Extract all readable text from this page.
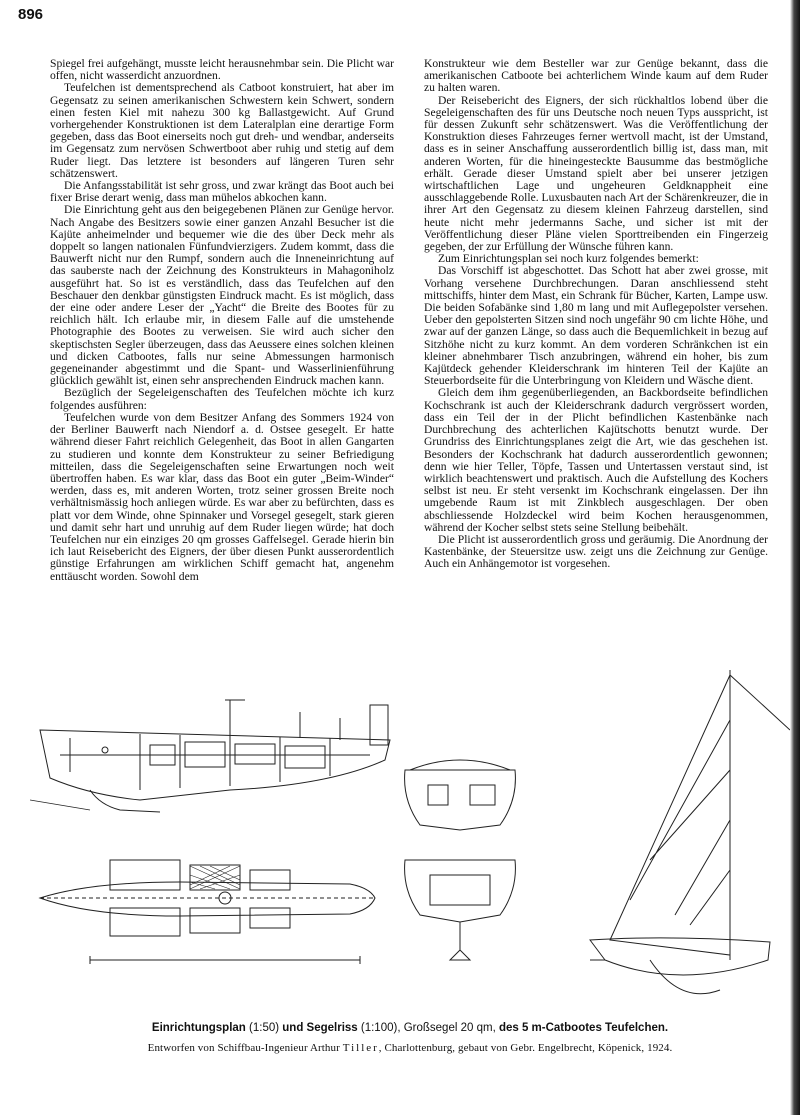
896

Spiegel frei aufgehängt, musste leicht herausnehmbar sein. Die Plicht war offen, nicht wasserdicht anzuordnen.

Teufelchen ist dementsprechend als Catboot konstruiert, hat aber im Gegensatz zu seinen amerikanischen Schwestern kein Schwert, sondern einen festen Kiel mit nahezu 300 kg Ballastgewicht. Auf Grund vorhergehender Konstruktionen ist dem Lateralplan eine derartige Form gegeben, dass das Boot einerseits noch gut dreh- und wendbar, anderseits im Gegensatz zum nervösen Schwertboot aber ruhig und stetig auf dem Ruder liegt. Das letztere ist besonders auf längeren Turen sehr schätzenswert.

Die Anfangsstabilität ist sehr gross, und zwar krängt das Boot auch bei fixer Brise derart wenig, dass man mühelos abkochen kann.

Die Einrichtung geht aus den beigegebenen Plänen zur Genüge hervor. Nach Angabe des Besitzers sowie einer ganzen Anzahl Besucher ist die Kajüte anheimelnder und bequemer wie die des über Deck mehr als doppelt so langen nationalen Fünfundvierzigers. Zudem kommt, dass die Bauwerft nicht nur den Rumpf, sondern auch die Inneneinrichtung auf das sauberste nach der Zeichnung des Konstrukteurs in Mahagoniholz ausgeführt hat. So ist es verständlich, dass das Teufelchen auf den Beschauer den denkbar günstigsten Eindruck macht. Es ist möglich, dass der eine oder andere Leser der „Yacht“ die Breite des Bootes für zu reichlich hält. Ich erlaube mir, in diesem Falle auf die umstehende Photographie des Bootes zu verweisen. Sie wird auch sicher den skeptischsten Segler überzeugen, dass das Aeussere eines solchen kleinen und dicken Catbootes, falls nur seine Abmessungen harmonisch gegeneinander abgestimmt und die Spant- und Wasserlinienführung glücklich gewählt ist, einen sehr ansprechenden Eindruck machen kann.

Bezüglich der Segeleigenschaften des Teufelchen möchte ich kurz folgendes ausführen:

Teufelchen wurde von dem Besitzer Anfang des Sommers 1924 von der Berliner Bauwerft nach Niendorf a. d. Ostsee gesegelt. Er hatte während dieser Fahrt reichlich Gelegenheit, das Boot in allen Gangarten zu studieren und konnte dem Konstrukteur zu seiner Befriedigung mitteilen, dass die Segeleigenschaften seine Erwartungen noch weit übertroffen haben. Es war klar, dass das Boot ein guter „Beim-Winder“ werden, dass es, mit anderen Worten, trotz seiner grossen Breite noch verhältnismässig hoch anliegen würde. Es war aber zu befürchten, dass es platt vor dem Winde, ohne Spinnaker und Vorsegel gesegelt, stark gieren und damit sehr hart und unruhig auf dem Ruder liegen würde; hat doch Teufelchen nur ein einziges 20 qm grosses Gaffelsegel. Gerade hierin bin ich laut Reisebericht des Eigners, der über diesen Punkt ausserordentlich günstige Erfahrungen am wirklichen Schiff gemacht hat, angenehm enttäuscht worden. Sowohl dem

Konstrukteur wie dem Besteller war zur Genüge bekannt, dass die amerikanischen Catboote bei achterlichem Winde kaum auf dem Ruder zu halten waren.

Der Reisebericht des Eigners, der sich rückhaltlos lobend über die Segeleigenschaften des für uns Deutsche noch neuen Typs ausspricht, ist für dessen Zukunft sehr schätzenswert. Was die Veröffentlichung der Konstruktion dieses Fahrzeuges ferner wertvoll macht, ist der Umstand, dass es in seiner Anschaffung ausserordentlich billig ist, dass man, mit anderen Worten, für die hineingesteckte Bausumme das bestmögliche erhält. Gerade dieser Umstand spielt aber bei unserer jetzigen wirtschaftlichen Lage und ungeheuren Geldknappheit eine ausschlaggebende Rolle. Luxusbauten nach Art der Schärenkreuzer, die in ihrer Art den Gegensatz zu diesem kleinen Fahrzeug darstellen, sind heute nicht mehr jedermanns Sache, und sicher ist mit der Veröffentlichung dieser Pläne vielen Sporttreibenden ein Fingerzeig gegeben, der zur Erfüllung der Wünsche führen kann.

Zum Einrichtungsplan sei noch kurz folgendes bemerkt:

Das Vorschiff ist abgeschottet. Das Schott hat aber zwei grosse, mit Vorhang versehene Durchbrechungen. Daran anschliessend steht mittschiffs, hinter dem Mast, ein Schrank für Bücher, Karten, Lampe usw. Die beiden Sofabänke sind 1,80 m lang und mit Auflegepolster versehen. Ueber den gepolsterten Sitzen sind noch ungefähr 90 cm lichte Höhe, und zwar auf der ganzen Länge, so dass auch die Bequemlichkeit in bezug auf Sitzhöhe nicht zu kurz kommt. An dem vorderen Schränkchen ist ein kleiner abnehmbarer Tisch anzubringen, während ein hoher, bis zum Kajütdeck gehender Kleiderschrank im hinteren Teil der Kajüte an Steuerbordseite für die Unterbringung von Kleidern und Wäsche dient.

Gleich dem ihm gegenüberliegenden, an Backbordseite befindlichen Kochschrank ist auch der Kleiderschrank dadurch vergrössert worden, dass ein Teil der in der Plicht befindlichen Kastenbänke nach Durchbrechung des achterlichen Kajütschotts benutzt wurde. Der Grundriss des Einrichtungsplanes zeigt die Art, wie das geschehen ist. Besonders der Kochschrank hat dadurch ausserordentlich gewonnen; denn wie hier Teller, Töpfe, Tassen und Untertassen verstaut sind, ist wirklich beachtenswert und praktisch. Auch die Aufstellung des Kochers selbst ist neu. Er steht versenkt im Kochschrank eingelassen. Der ihn umgebende Raum ist mit Zinkblech ausgeschlagen. Der oben abschliessende Holzdeckel wird beim Kochen herausgenommen, während der Kocher selbst stets seine Stellung beibehält.

Die Plicht ist ausserordentlich gross und geräumig. Die Anordnung der Kastenbänke, der Steuersitze usw. zeigt uns die Zeichnung zur Genüge. Auch ein Anhängemotor ist vorgesehen.

Einrichtungsplan (1:50) und Segelriss (1:100), Großsegel 20 qm, des 5 m-Catbootes Teufelchen.
Entworfen von Schiffbau-Ingenieur Arthur Tiller, Charlottenburg, gebaut von Gebr. Engelbrecht, Köpenick, 1924.
